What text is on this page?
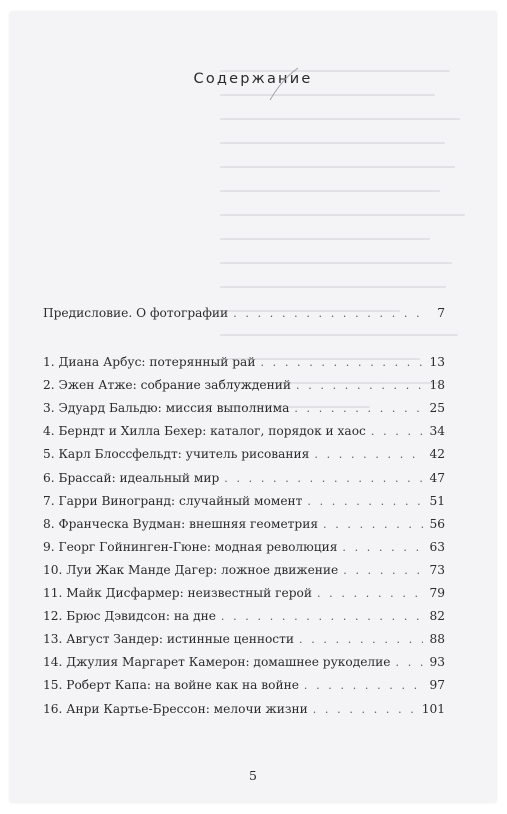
Содержание
Предисловие. О фотографии . . .	7
1. Диана Арбус: потерянный рай . . .	13
2. Эжен Атже: собрание заблуждений . . .	18
3. Эдуард Бальдю: миссия выполнима . . .	25
4. Берндт и Хилла Бехер: каталог, порядок и хаос . . .	34
5. Карл Блоссфельдт: учитель рисования . . .	42
6. Брассай: идеальный мир . . .	47
7. Гарри Виногранд: случайный момент . . .	51
8. Франческа Вудман: внешняя геометрия . . .	56
9. Георг Гойнинген-Гюне: модная революция . . .	63
10. Луи Жак Манде Дагер: ложное движение . . .	73
11. Майк Дисфармер: неизвестный герой . . .	79
12. Брюс Дэвидсон: на дне . . .	82
13. Август Зандер: истинные ценности . . .	88
14. Джулия Маргарет Камерон: домашнее рукоделие . . .	93
15. Роберт Капа: на войне как на войне . . .	97
16. Анри Картье-Брессон: мелочи жизни . . .	101
5
